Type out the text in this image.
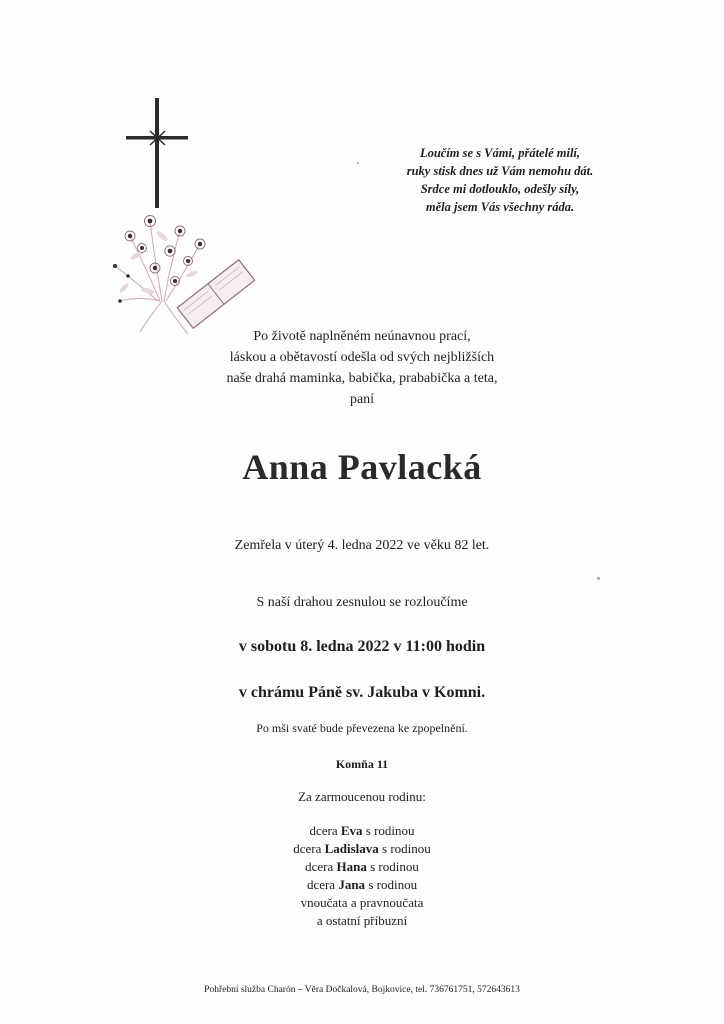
Loučím se s Vámi, přátelé milí,
ruky stisk dnes už Vám nemohu dát.
Srdce mi dotlouklo, odešly síly,
měla jsem Vás všechny ráda.
Po životě naplněném neúnavnou prací,
láskou a obětavostí odešla od svých nejbližších
naše drahá maminka, babička, prababička a teta,
paní
Anna Pavlacká
Zemřela v úterý 4. ledna 2022 ve věku 82 let.
S naší drahou zesnulou se rozloučíme
v sobotu 8. ledna 2022 v 11:00 hodin
v chrámu Páně sv. Jakuba v Komni.
Po mši svaté bude převezena ke zpopelnění.
Komňa 11
Za zarmoucenou rodinu:
dcera Eva s rodinou
dcera Ladislava s rodinou
dcera Hana s rodinou
dcera Jana s rodinou
vnoučata a pravnoučata
a ostatní příbuzní
Pohřební služba Charón – Věra Dočkalová, Bojkovice, tel. 736761751, 572643613
